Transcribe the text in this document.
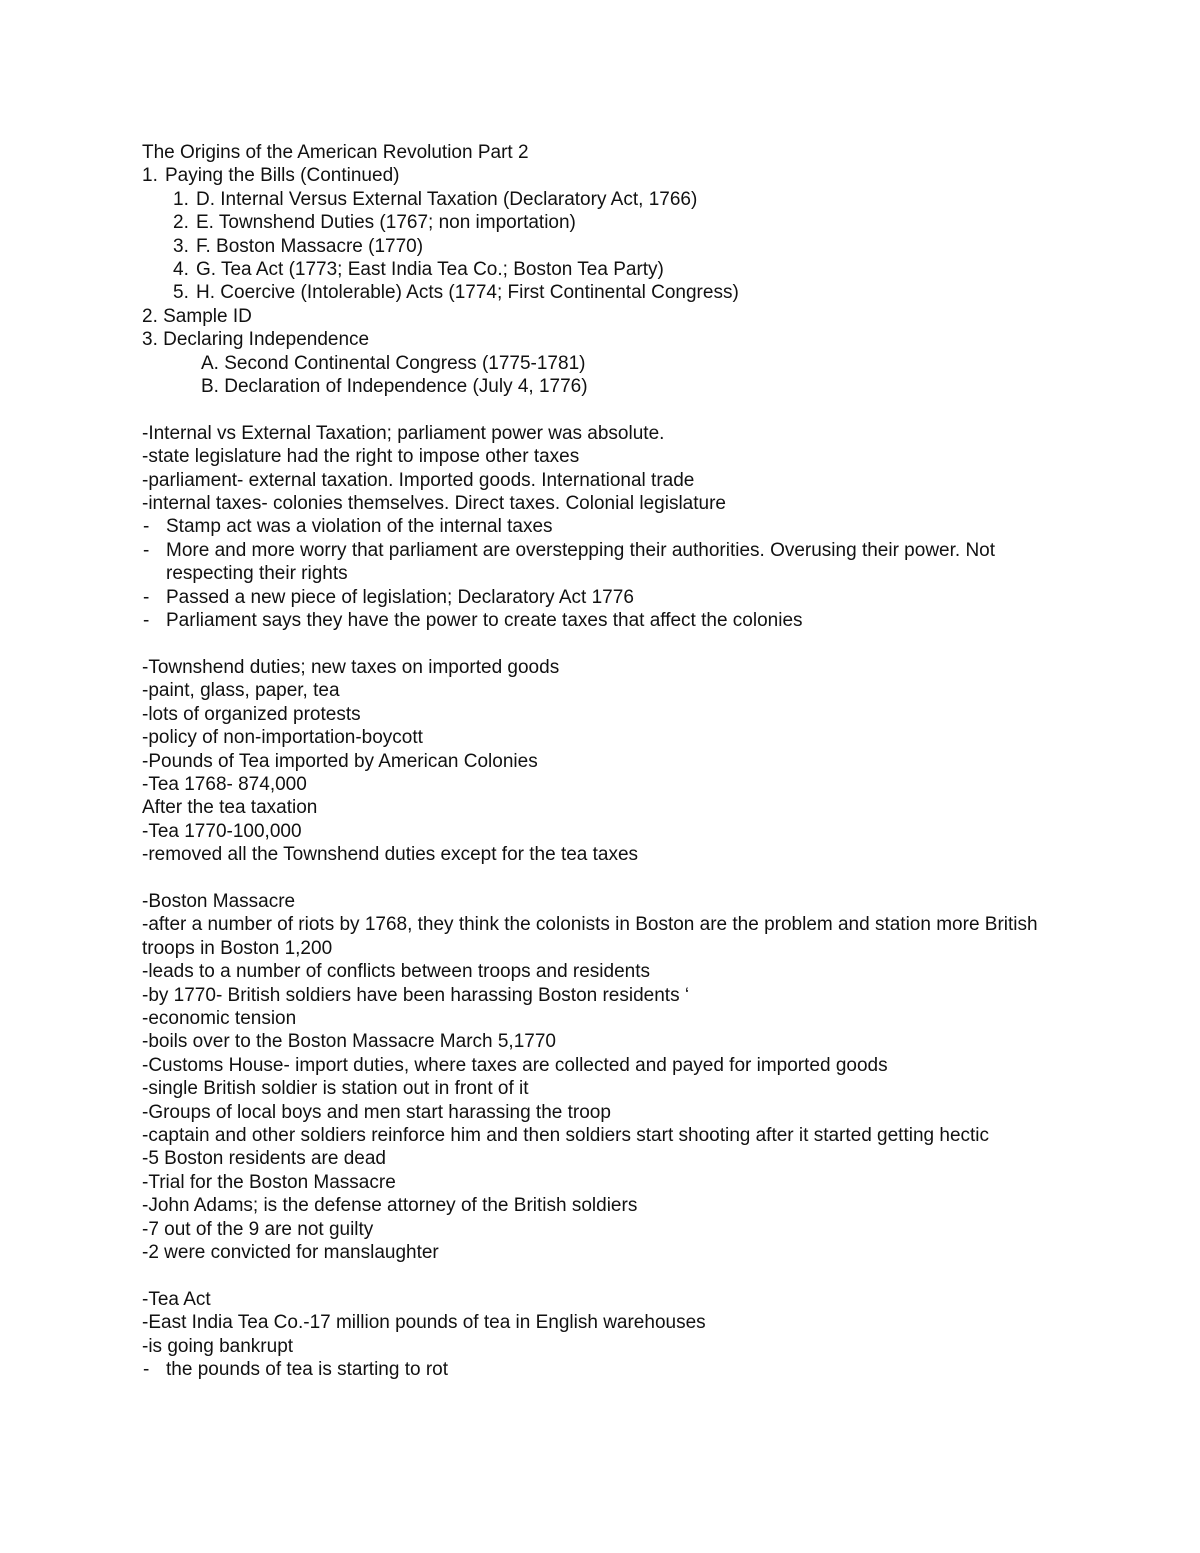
The Origins of the American Revolution Part 2
1. Paying the Bills (Continued)
1. D. Internal Versus External Taxation (Declaratory Act, 1766)
2. E. Townshend Duties (1767; non importation)
3. F. Boston Massacre (1770)
4. G. Tea Act (1773; East India Tea Co.; Boston Tea Party)
5. H. Coercive (Intolerable) Acts (1774; First Continental Congress)
2. Sample ID
3. Declaring Independence
A. Second Continental Congress (1775-1781)
B. Declaration of Independence (July 4, 1776)
-Internal vs External Taxation; parliament power was absolute.
-state legislature had the right to impose other taxes
-parliament- external taxation. Imported goods. International trade
-internal taxes- colonies themselves. Direct taxes. Colonial legislature
- Stamp act was a violation of the internal taxes
- More and more worry that parliament are overstepping their authorities. Overusing their power. Not respecting their rights
- Passed a new piece of legislation; Declaratory Act 1776
- Parliament says they have the power to create taxes that affect the colonies
-Townshend duties; new taxes on imported goods
-paint, glass, paper, tea
-lots of organized protests
-policy of non-importation-boycott
-Pounds of Tea imported by American Colonies
-Tea 1768- 874,000
After the tea taxation
-Tea 1770-100,000
-removed all the Townshend duties except for the tea taxes
-Boston Massacre
-after a number of riots by 1768, they think the colonists in Boston are the problem and station more British troops in Boston 1,200
-leads to a number of conflicts between troops and residents
-by 1770- British soldiers have been harassing Boston residents ‘
-economic tension
-boils over to the Boston Massacre March 5,1770
-Customs House- import duties, where taxes are collected and payed for imported goods
-single British soldier is station out in front of it
-Groups of local boys and men start harassing the troop
-captain and other soldiers reinforce him and then soldiers start shooting after it started getting hectic
-5 Boston residents are dead
-Trial for the Boston Massacre
-John Adams; is the defense attorney of the British soldiers
-7 out of the 9 are not guilty
-2 were convicted for manslaughter
-Tea Act
-East India Tea Co.-17 million pounds of tea in English warehouses
-is going bankrupt
- the pounds of tea is starting to rot
